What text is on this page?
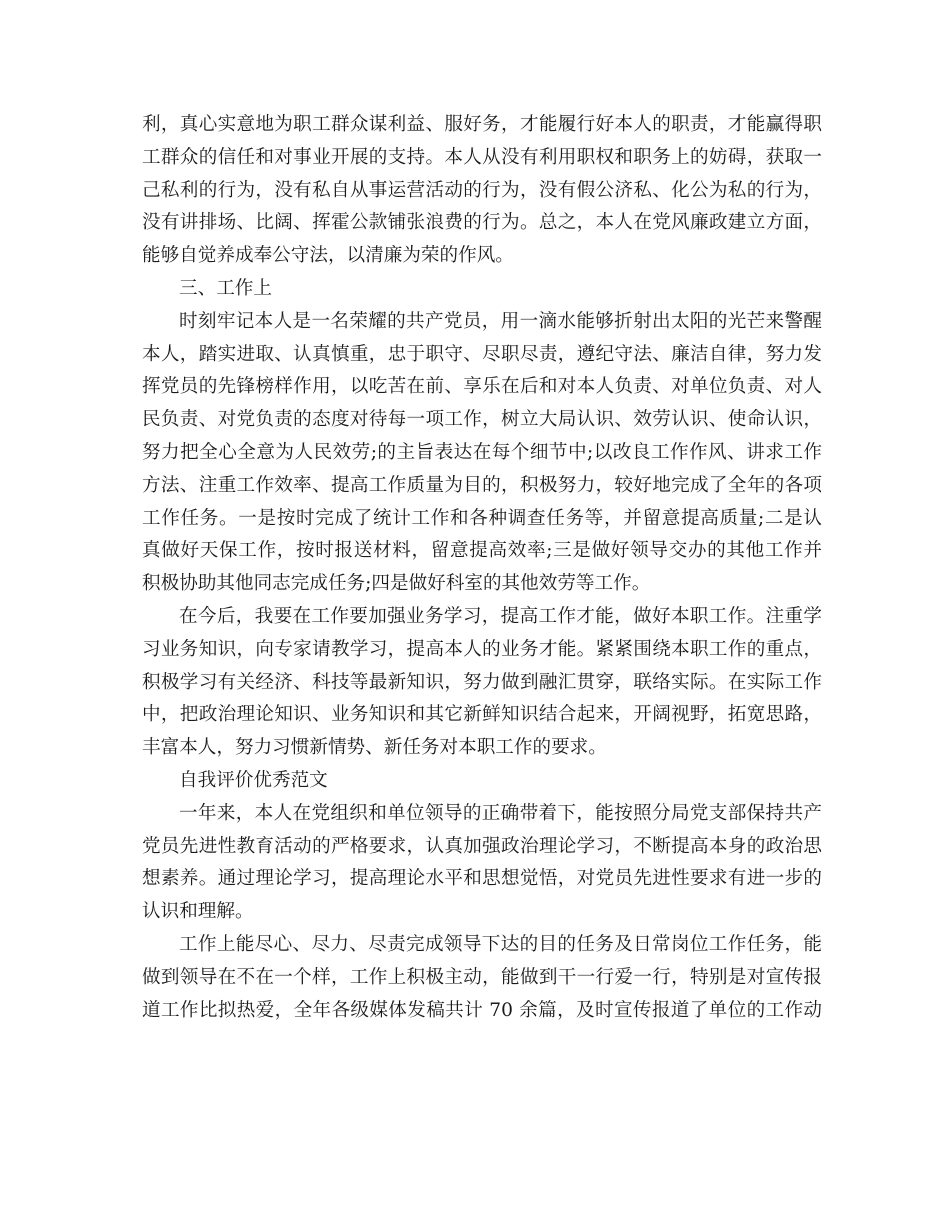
利，真心实意地为职工群众谋利益、服好务，才能履行好本人的职责，才能赢得职
工群众的信任和对事业开展的支持。本人从没有利用职权和职务上的妨碍，获取一
己私利的行为，没有私自从事运营活动的行为，没有假公济私、化公为私的行为，
没有讲排场、比阔、挥霍公款铺张浪费的行为。总之，本人在党风廉政建立方面，
能够自觉养成奉公守法，以清廉为荣的作风。
三、工作上
时刻牢记本人是一名荣耀的共产党员，用一滴水能够折射出太阳的光芒来警醒
本人，踏实进取、认真慎重，忠于职守、尽职尽责，遵纪守法、廉洁自律，努力发
挥党员的先锋榜样作用，以吃苦在前、享乐在后和对本人负责、对单位负责、对人
民负责、对党负责的态度对待每一项工作，树立大局认识、效劳认识、使命认识，
努力把全心全意为人民效劳;的主旨表达在每个细节中;以改良工作作风、讲求工作
方法、注重工作效率、提高工作质量为目的，积极努力，较好地完成了全年的各项
工作任务。一是按时完成了统计工作和各种调查任务等，并留意提高质量;二是认
真做好天保工作，按时报送材料，留意提高效率;三是做好领导交办的其他工作并
积极协助其他同志完成任务;四是做好科室的其他效劳等工作。
在今后，我要在工作要加强业务学习，提高工作才能，做好本职工作。注重学
习业务知识，向专家请教学习，提高本人的业务才能。紧紧围绕本职工作的重点，
积极学习有关经济、科技等最新知识，努力做到融汇贯穿，联络实际。在实际工作
中，把政治理论知识、业务知识和其它新鲜知识结合起来，开阔视野，拓宽思路，
丰富本人，努力习惯新情势、新任务对本职工作的要求。
自我评价优秀范文
一年来，本人在党组织和单位领导的正确带着下，能按照分局党支部保持共产
党员先进性教育活动的严格要求，认真加强政治理论学习，不断提高本身的政治思
想素养。通过理论学习，提高理论水平和思想觉悟，对党员先进性要求有进一步的
认识和理解。
工作上能尽心、尽力、尽责完成领导下达的目的任务及日常岗位工作任务，能
做到领导在不在一个样，工作上积极主动，能做到干一行爱一行，特别是对宣传报
道工作比拟热爱，全年各级媒体发稿共计 70 余篇，及时宣传报道了单位的工作动
